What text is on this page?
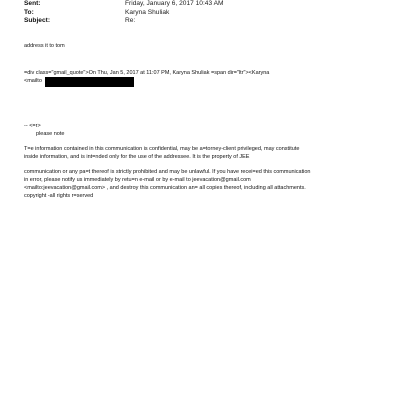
Sent:	Friday, January 6, 2017 10:43 AM
To:	Karyna Shuliak
Subject:	Re:
address it to tom
=div class="gmail_quote">On Thu, Jan 5, 2017 at 11:07 PM, Karyna Shuliak =span dir="ltr"><Karyna
<mailto
-- <=r>
please note
T=e information contained in this communication is confidential, may be a=torney-client privileged, may constitute
inside information, and is int=nded only for the use of the addressee. It is the property of JEE
communication or any pa=t thereof is strictly prohibited and may be unlawful. If you have recei=ed this communication
in error, please notify us immediately by retu=n e-mail or by e-mail to jeevacation@gmail.com
<mailto:jeevacation@gmail.com> , and destroy this communication an= all copies thereof, including all attachments.
copyright -all rights r=served
